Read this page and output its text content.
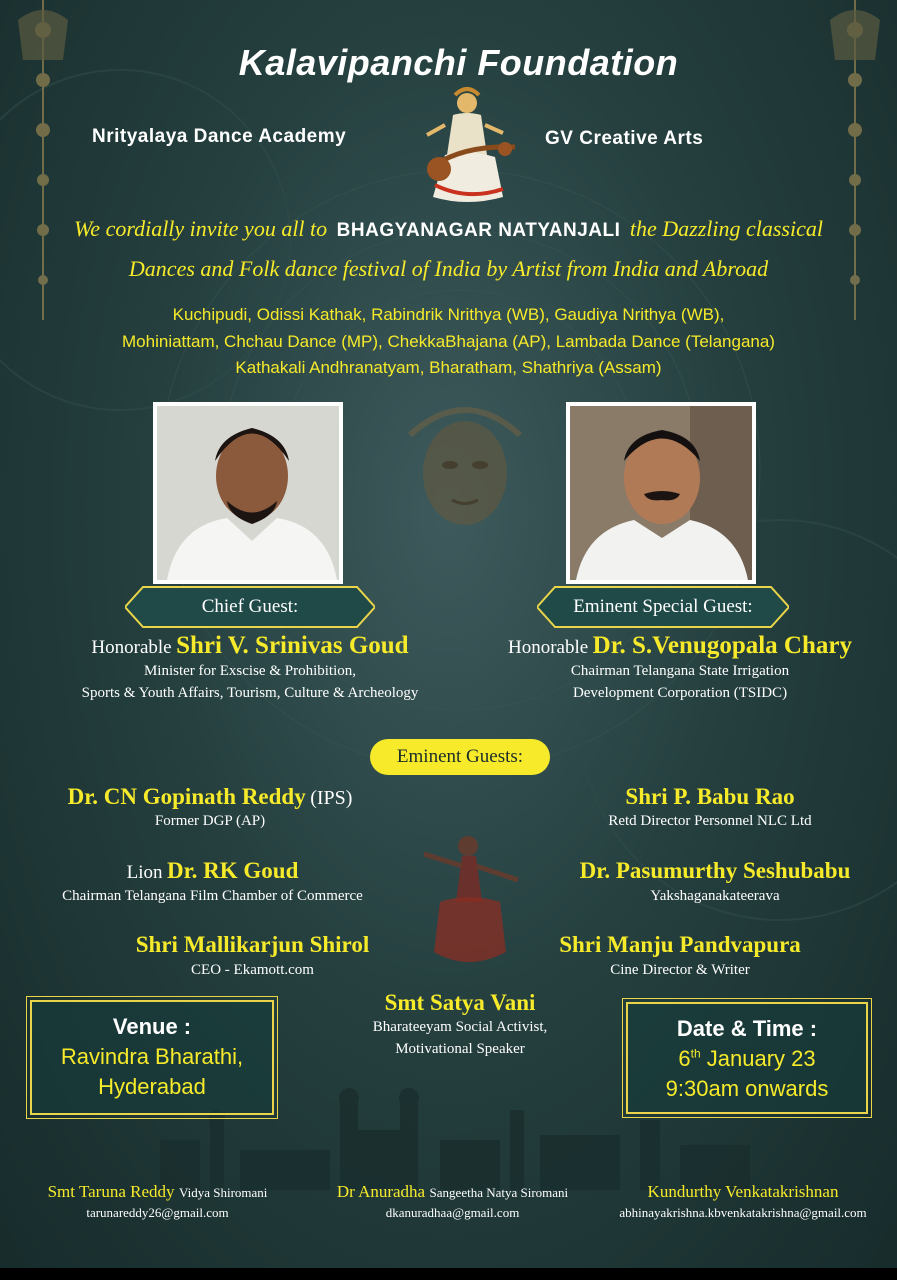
Kalavipanchi Foundation
Nrityalaya Dance Academy	GV Creative Arts
We cordially invite you all to BHAGYANAGAR NATYANJALI the Dazzling classical
Dances and Folk dance festival of India by Artist from India and Abroad
Kuchipudi, Odissi Kathak, Rabindrik Nrithya (WB), Gaudiya Nrithya (WB),
Mohiniattam, Chchau Dance (MP), ChekkaBhajana (AP), Lambada Dance (Telangana)
Kathakali Andhranatyam, Bharatham, Shathriya (Assam)
Chief Guest:	Eminent Special Guest:
Honorable Shri V. Srinivas Goud
Minister for Exscise & Prohibition,
Sports & Youth Affairs, Tourism, Culture & Archeology
Honorable Dr. S.Venugopala Chary
Chairman Telangana State Irrigation
Development Corporation (TSIDC)
Eminent Guests:
Dr. CN Gopinath Reddy (IPS)
Former DGP (AP)
Shri P. Babu Rao
Retd Director Personnel NLC Ltd
Lion Dr. RK Goud
Chairman Telangana Film Chamber of Commerce
Dr. Pasumurthy Seshubabu
Yakshaganakateerava
Shri Mallikarjun Shirol
CEO - Ekamott.com
Shri Manju Pandvapura
Cine Director & Writer
Smt Satya Vani
Bharateeyam Social Activist,
Motivational Speaker
Venue :
Ravindra Bharathi,
Hyderabad
Date & Time :
6th January 23
9:30am onwards
Smt Taruna Reddy Vidya Shiromani
tarunareddy26@gmail.com
Dr Anuradha Sangeetha Natya Siromani
dkanuradhaa@gmail.com
Kundurthy Venkatakrishnan
abhinayakrishna.kbvenkatakrishna@gmail.com
